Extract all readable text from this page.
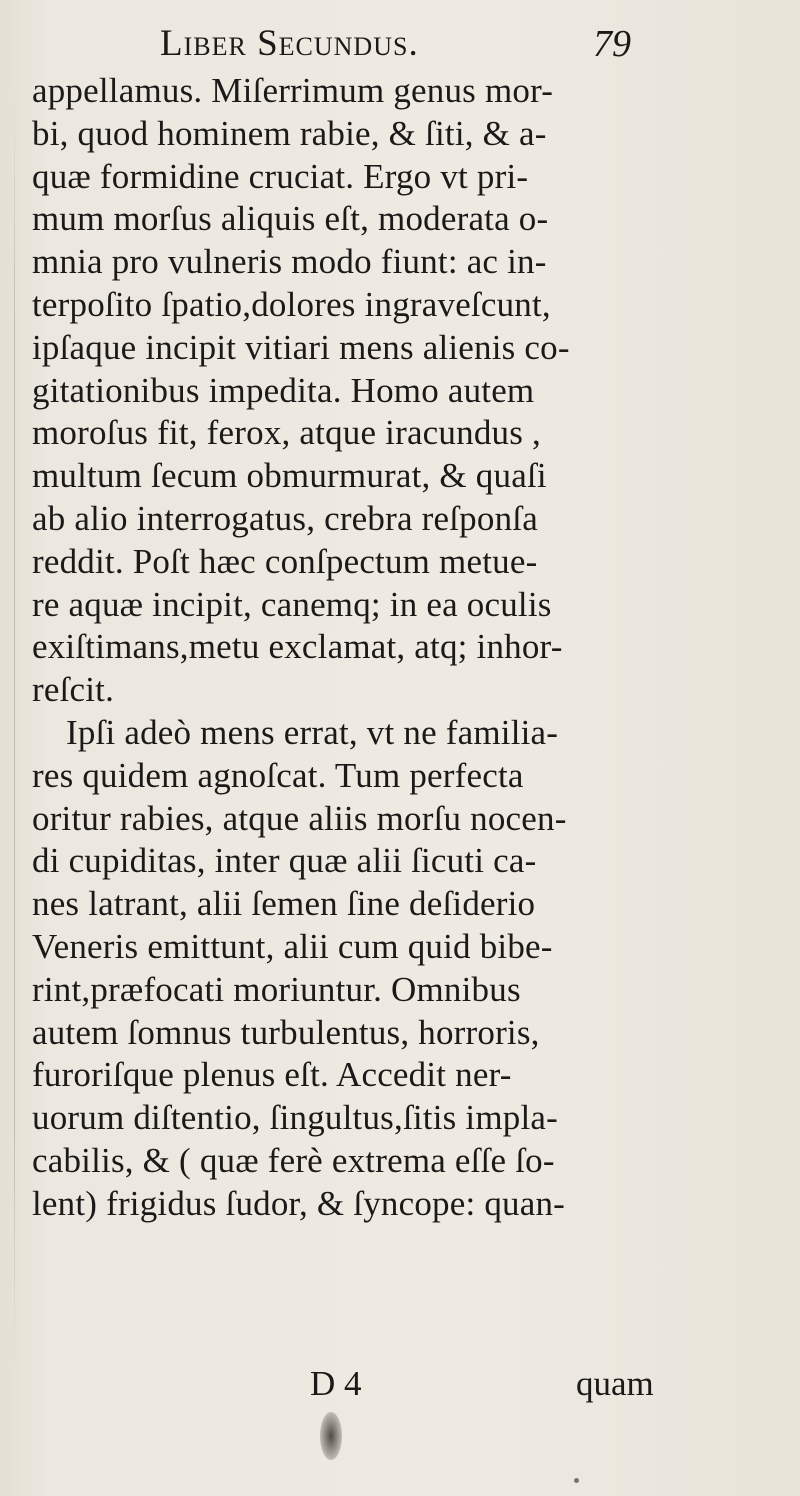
Liber Secundus.	79
appellamus. Miſerrimum genus mor-
bi, quod hominem rabie, & ſiti, & a-
quæ formidine cruciat. Ergo vt pri-
mum morſus aliquis eſt, moderata o-
mnia pro vulneris modo fiunt: ac in-
terpoſito ſpatio,dolores ingraveſcunt,
ipſaque incipit vitiari mens alienis co-
gitationibus impedita. Homo autem
moroſus fit, ferox, atque iracundus ,
multum ſecum obmurmurat, & quaſi
ab alio interrogatus, crebra reſponſa
reddit. Poſt hæc conſpectum metue-
re aquæ incipit, canemq; in ea oculis
exiſtimans,metu exclamat, atq; inhor-
reſcit.
Ipſi adeò mens errat, vt ne familia-
res quidem agnoſcat. Tum perfecta
oritur rabies, atque aliis morſu nocen-
di cupiditas, inter quæ alii ſicuti ca-
nes latrant, alii ſemen ſine deſiderio
Veneris emittunt, alii cum quid bibe-
rint,præfocati moriuntur. Omnibus
autem ſomnus turbulentus, horroris,
furoriſque plenus eſt. Accedit ner-
uorum diſtentio, ſingultus,ſitis impla-
cabilis, & ( quæ ferè extrema eſſe ſo-
lent) frigidus ſudor, & ſyncope: quan-
D 4	quam
